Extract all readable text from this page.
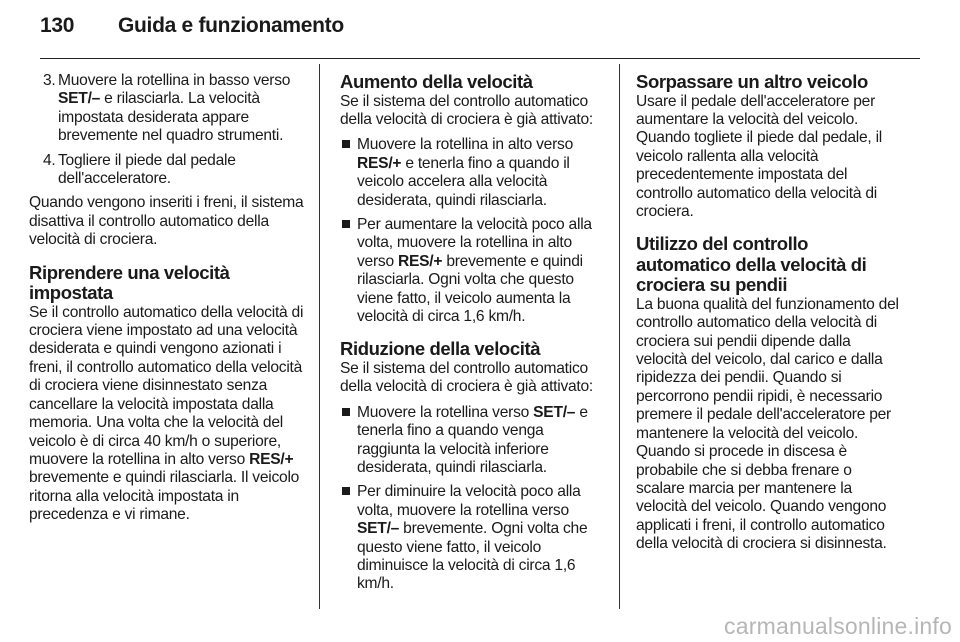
130 Guida e funzionamento
3. Muovere la rotellina in basso verso SET/– e rilasciarla. La velocità impostata desiderata appare brevemente nel quadro strumenti.
4. Togliere il piede dal pedale dell'acceleratore.

Quando vengono inseriti i freni, il sistema disattiva il controllo automatico della velocità di crociera.

Riprendere una velocità impostata

Se il controllo automatico della velocità di crociera viene impostato ad una velocità desiderata e quindi vengono azionati i freni, il controllo automatico della velocità di crociera viene disinnestato senza cancellare la velocità impostata dalla memoria. Una volta che la velocità del veicolo è di circa 40 km/h o superiore, muovere la rotellina in alto verso RES/+ brevemente e quindi rilasciarla. Il veicolo ritorna alla velocità impostata in precedenza e vi rimane.

Aumento della velocità

Se il sistema del controllo automatico della velocità di crociera è già attivato:

Muovere la rotellina in alto verso RES/+ e tenerla fino a quando il veicolo accelera alla velocità desiderata, quindi rilasciarla.
Per aumentare la velocità poco alla volta, muovere la rotellina in alto verso RES/+ brevemente e quindi rilasciarla. Ogni volta che questo viene fatto, il veicolo aumenta la velocità di circa 1,6 km/h.
Riduzione della velocità

Se il sistema del controllo automatico della velocità di crociera è già attivato:

Muovere la rotellina verso SET/– e tenerla fino a quando venga raggiunta la velocità inferiore desiderata, quindi rilasciarla.
Per diminuire la velocità poco alla volta, muovere la rotellina verso SET/– brevemente. Ogni volta che questo viene fatto, il veicolo diminuisce la velocità di circa 1,6 km/h.
Sorpassare un altro veicolo

Usare il pedale dell'acceleratore per aumentare la velocità del veicolo. Quando togliete il piede dal pedale, il veicolo rallenta alla velocità precedentemente impostata del controllo automatico della velocità di crociera.

Utilizzo del controllo automatico della velocità di crociera su pendii

La buona qualità del funzionamento del controllo automatico della velocità di crociera sui pendii dipende dalla velocità del veicolo, dal carico e dalla ripidezza dei pendii. Quando si percorrono pendii ripidi, è necessario premere il pedale dell'acceleratore per mantenere la velocità del veicolo. Quando si procede in discesa è probabile che si debba frenare o scalare marcia per mantenere la velocità del veicolo. Quando vengono applicati i freni, il controllo automatico della velocità di crociera si disinnesta.

carmanualsonline.info
